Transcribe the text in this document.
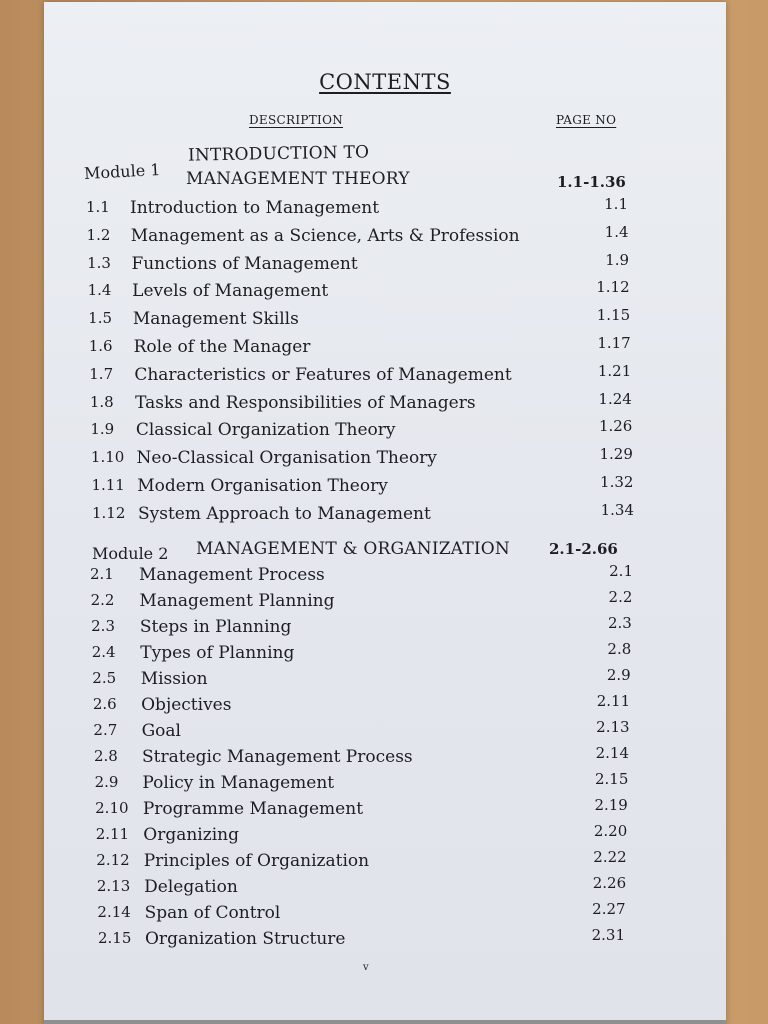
CONTENTS
DESCRIPTION	PAGE NO
Module 1
INTRODUCTION TO
MANAGEMENT THEORY	1.1-1.36
1.1 Introduction to Management	1.1
1.2 Management as a Science, Arts & Profession	1.4
1.3 Functions of Management	1.9
1.4 Levels of Management	1.12
1.5 Management Skills	1.15
1.6 Role of the Manager	1.17
1.7 Characteristics or Features of Management	1.21
1.8 Tasks and Responsibilities of Managers	1.24
1.9 Classical Organization Theory	1.26
1.10 Neo-Classical Organisation Theory	1.29
1.11 Modern Organisation Theory	1.32
1.12 System Approach to Management	1.34
Module 2 MANAGEMENT & ORGANIZATION	2.1-2.66
2.1 Management Process	2.1
2.2 Management Planning	2.2
2.3 Steps in Planning	2.3
2.4 Types of Planning	2.8
2.5 Mission	2.9
2.6 Objectives	2.11
2.7 Goal	2.13
2.8 Strategic Management Process	2.14
2.9 Policy in Management	2.15
2.10 Programme Management	2.19
2.11 Organizing	2.20
2.12 Principles of Organization	2.22
2.13 Delegation	2.26
2.14 Span of Control	2.27
2.15 Organization Structure	2.31
v
